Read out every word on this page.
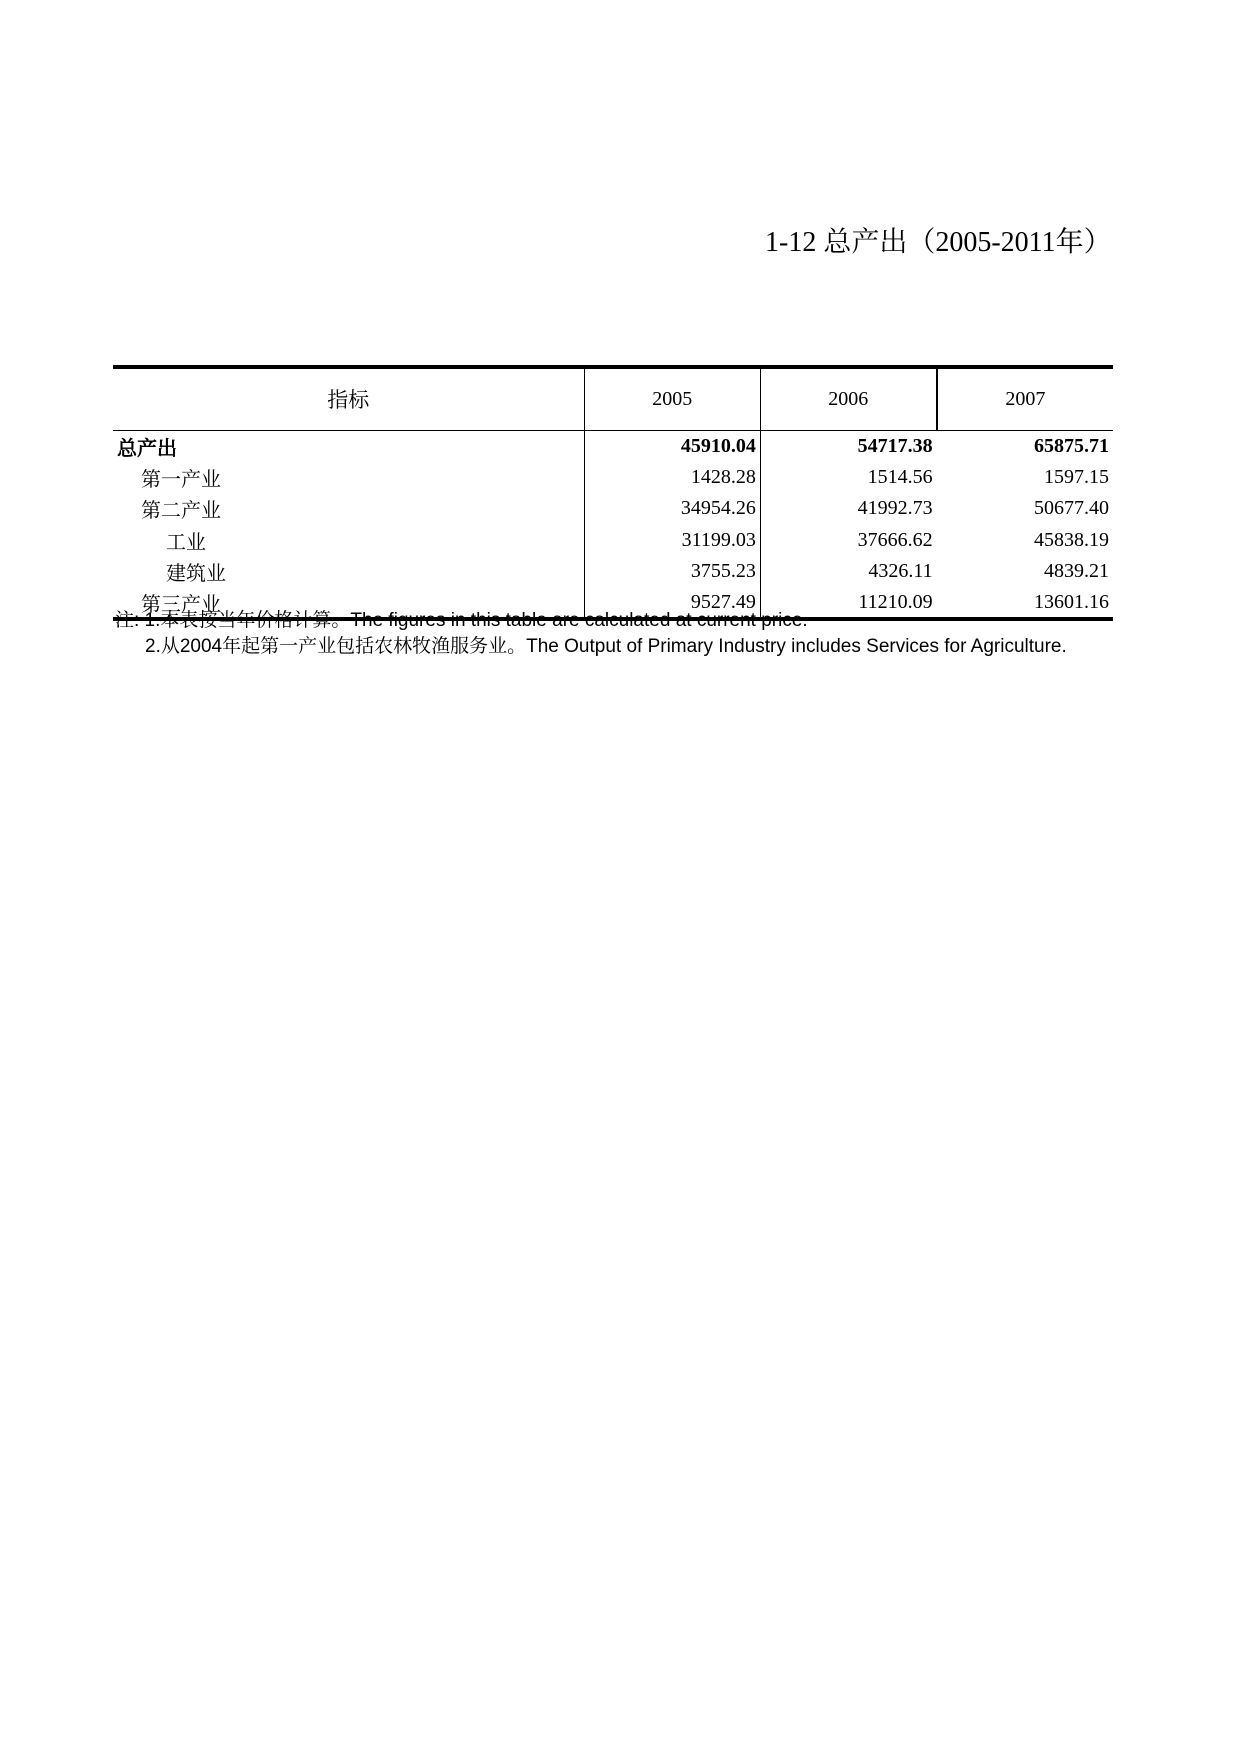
1-12 总产出（2005-2011年）
指标	2005	2006	2007
总产出	45910.04	54717.38	65875.71
第一产业	1428.28	1514.56	1597.15
第二产业	34954.26	41992.73	50677.40
工业	31199.03	37666.62	45838.19
建筑业	3755.23	4326.11	4839.21
第三产业	9527.49	11210.09	13601.16
注: 1.本表按当年价格计算。The figures in this table are calculated at current price.
2.从2004年起第一产业包括农林牧渔服务业。The Output of Primary Industry includes Services for Agriculture.
